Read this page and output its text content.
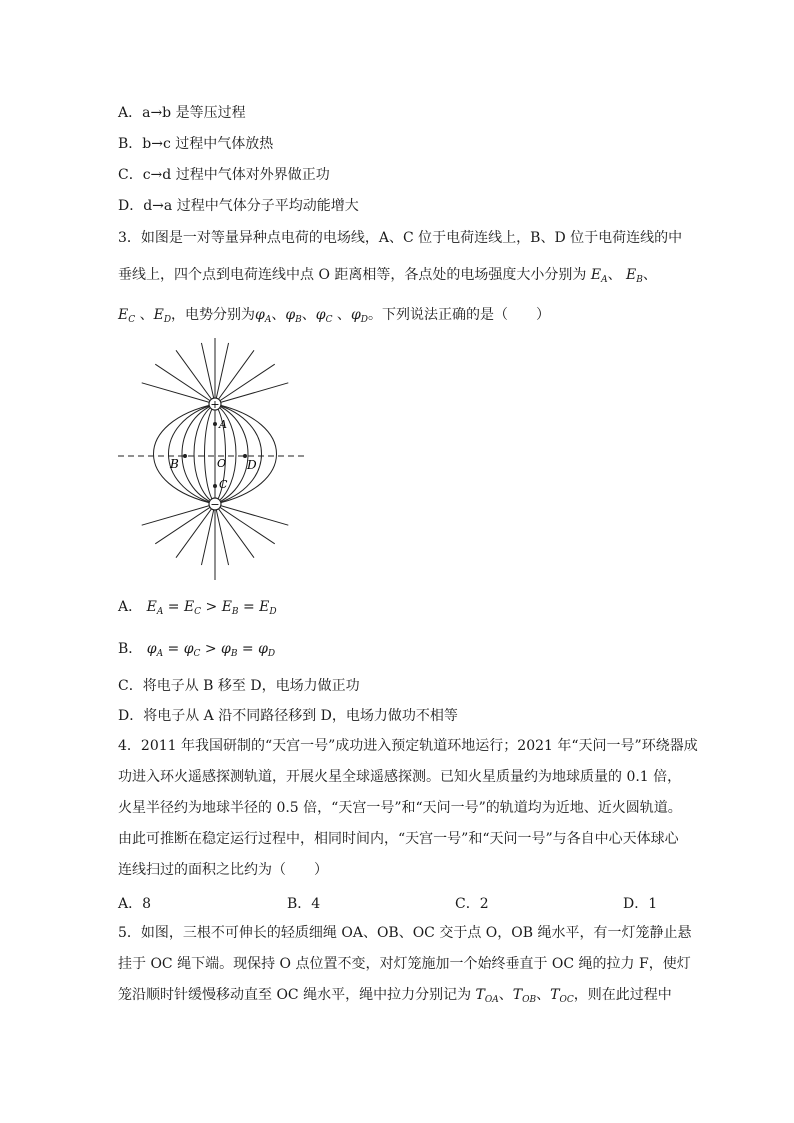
A．a→b 是等压过程
B．b→c 过程中气体放热
C．c→d 过程中气体对外界做正功
D．d→a 过程中气体分子平均动能增大
3．如图是一对等量异种点电荷的电场线，A、C 位于电荷连线上，B、D 位于电荷连线的中
垂线上，四个点到电荷连线中点 O 距离相等，各点处的电场强度大小分别为 $E_A$、 $E_B$、
$E_C$ 、$E_D$，电势分别为$\varphi_A$、$\varphi_B$、$\varphi_C$ 、$\varphi_D$。下列说法正确的是（　　）
+
−
A
C
B	D
O
A． $E_A = E_C > E_B = E_D$
B． $\varphi_A = \varphi_C > \varphi_B = \varphi_D$
C．将电子从 B 移至 D，电场力做正功
D．将电子从 A 沿不同路径移到 D，电场力做功不相等
4．2011 年我国研制的“天宫一号”成功进入预定轨道环地运行；2021 年“天问一号”环绕器成
功进入环火遥感探测轨道，开展火星全球遥感探测。已知火星质量约为地球质量的 0.1 倍，
火星半径约为地球半径的 0.5 倍，“天宫一号”和“天问一号”的轨道均为近地、近火圆轨道。
由此可推断在稳定运行过程中，相同时间内，“天宫一号”和“天问一号”与各自中心天体球心
连线扫过的面积之比约为（　　）
A．8	B．4	C．2	D．1
5．如图，三根不可伸长的轻质细绳 OA、OB、OC 交于点 O，OB 绳水平，有一灯笼静止悬
挂于 OC 绳下端。现保持 O 点位置不变，对灯笼施加一个始终垂直于 OC 绳的拉力 F，使灯
笼沿顺时针缓慢移动直至 OC 绳水平，绳中拉力分别记为 $T_{OA}$、$T_{OB}$、$T_{OC}$，则在此过程中
